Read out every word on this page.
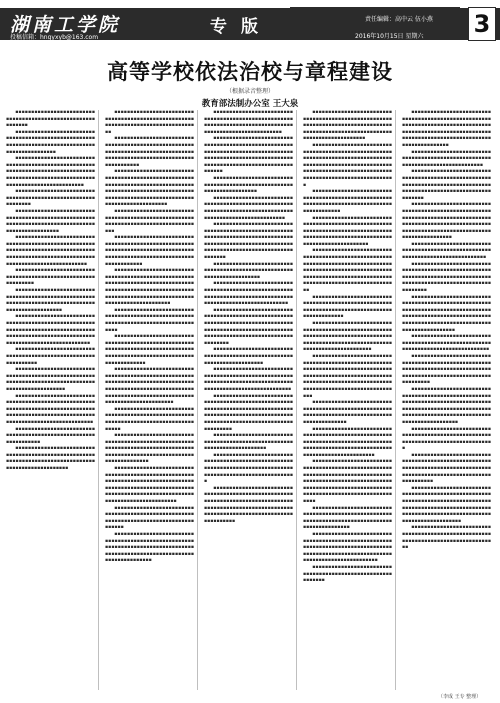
湖南工学院
投稿信箱：hngyxyb@163.com
专版	责任编辑：高中云 伍小燕
2016年10月15日 星期六 3
高等学校依法治校与章程建设
（根据录音整理）
教育部法制办公室 王大泉

▪▪▪▪▪▪▪▪▪▪▪▪▪▪▪▪▪▪▪▪▪▪▪▪▪▪▪▪▪▪▪▪▪▪▪▪▪▪▪▪▪▪▪▪▪▪▪▪▪▪▪▪▪▪▪▪▪▪▪▪

▪▪▪▪▪▪▪▪▪▪▪▪▪▪▪▪▪▪▪▪▪▪▪▪▪▪▪▪▪▪▪▪▪▪▪▪▪▪▪▪▪▪▪▪▪▪▪▪▪▪▪▪▪▪▪▪▪▪▪▪▪▪▪▪▪▪▪▪▪▪▪▪▪▪▪▪▪▪▪▪▪▪▪▪▪▪▪▪▪▪▪▪▪▪▪▪▪

▪▪▪▪▪▪▪▪▪▪▪▪▪▪▪▪▪▪▪▪▪▪▪▪▪▪▪▪▪▪▪▪▪▪▪▪▪▪▪▪▪▪▪▪▪▪▪▪▪▪▪▪▪▪▪▪▪▪▪▪▪▪▪▪▪▪▪▪▪▪▪▪▪▪▪▪▪▪▪▪▪▪▪▪▪▪▪▪▪▪▪▪▪▪▪▪▪▪▪▪▪▪▪▪▪▪▪▪▪▪▪▪▪▪▪▪▪▪▪▪▪▪▪▪▪▪▪▪▪▪▪▪▪▪

▪▪▪▪▪▪▪▪▪▪▪▪▪▪▪▪▪▪▪▪▪▪▪▪▪▪▪▪▪▪▪▪▪▪▪▪▪▪▪▪▪▪▪▪▪▪▪▪▪▪▪▪▪▪▪▪▪▪▪▪▪

▪▪▪▪▪▪▪▪▪▪▪▪▪▪▪▪▪▪▪▪▪▪▪▪▪▪▪▪▪▪▪▪▪▪▪▪▪▪▪▪▪▪▪▪▪▪▪▪▪▪▪▪▪▪▪▪▪▪▪▪▪▪▪▪▪▪▪▪▪▪▪▪▪▪▪▪▪▪▪▪▪▪▪▪▪▪▪▪▪▪▪▪▪▪▪▪▪▪

▪▪▪▪▪▪▪▪▪▪▪▪▪▪▪▪▪▪▪▪▪▪▪▪▪▪▪▪▪▪▪▪▪▪▪▪▪▪▪▪▪▪▪▪▪▪▪▪▪▪▪▪▪▪▪▪▪▪▪▪▪▪▪▪▪▪▪▪▪▪▪▪▪▪▪▪▪▪▪▪▪▪▪▪▪▪▪▪▪▪▪▪▪▪▪▪▪▪▪▪▪▪▪▪▪▪▪▪▪▪▪▪▪▪▪▪▪▪▪▪▪▪▪▪▪▪▪▪▪▪▪▪▪▪▪

▪▪▪▪▪▪▪▪▪▪▪▪▪▪▪▪▪▪▪▪▪▪▪▪▪▪▪▪▪▪▪▪▪▪▪▪▪▪▪▪▪▪▪▪▪▪▪▪▪▪▪▪▪▪▪▪▪▪▪▪▪▪

▪▪▪▪▪▪▪▪▪▪▪▪▪▪▪▪▪▪▪▪▪▪▪▪▪▪▪▪▪▪▪▪▪▪▪▪▪▪▪▪▪▪▪▪▪▪▪▪▪▪▪▪▪▪▪▪▪▪▪▪▪▪▪▪▪▪▪▪▪▪▪▪▪▪▪▪▪▪▪▪▪▪▪▪▪▪▪▪▪▪▪▪▪▪▪▪▪▪▪

▪▪▪▪▪▪▪▪▪▪▪▪▪▪▪▪▪▪▪▪▪▪▪▪▪▪▪▪▪▪▪▪▪▪▪▪▪▪▪▪▪▪▪▪▪▪▪▪▪▪▪▪▪▪▪▪▪▪▪▪▪▪▪▪▪▪▪▪▪▪▪▪▪▪▪▪▪▪▪▪▪▪▪▪▪▪▪▪▪▪▪▪▪▪▪▪▪▪▪▪▪▪▪▪▪▪▪▪▪▪▪▪▪▪▪▪▪▪▪▪▪▪▪▪▪▪▪▪▪▪▪▪▪▪▪▪

▪▪▪▪▪▪▪▪▪▪▪▪▪▪▪▪▪▪▪▪▪▪▪▪▪▪▪▪▪▪▪▪▪▪▪▪▪▪▪▪▪▪▪▪▪▪▪▪▪▪▪▪▪▪▪▪▪▪▪▪▪▪▪

▪▪▪▪▪▪▪▪▪▪▪▪▪▪▪▪▪▪▪▪▪▪▪▪▪▪▪▪▪▪▪▪▪▪▪▪▪▪▪▪▪▪▪▪▪▪▪▪▪▪▪▪▪▪▪▪▪▪▪▪▪▪▪▪▪▪▪▪▪▪▪▪▪▪▪▪▪▪▪▪▪▪▪▪▪▪▪▪▪▪▪▪▪▪▪▪▪▪▪▪

▪▪▪▪▪▪▪▪▪▪▪▪▪▪▪▪▪▪▪▪▪▪▪▪▪▪▪▪▪▪▪▪▪▪▪▪▪▪▪▪▪▪▪▪▪▪▪▪▪▪▪▪▪▪▪▪▪▪▪▪▪▪▪▪▪▪▪▪▪▪▪▪▪▪▪▪▪▪▪▪▪▪▪▪▪▪▪▪▪▪▪▪▪▪▪▪▪▪▪▪▪▪▪▪▪▪▪▪▪▪▪▪▪▪▪▪▪▪▪▪▪▪▪▪▪▪▪▪▪▪▪▪▪▪▪▪▪

▪▪▪▪▪▪▪▪▪▪▪▪▪▪▪▪▪▪▪▪▪▪▪▪▪▪▪▪▪▪▪▪▪▪▪▪▪▪▪▪▪▪▪▪▪▪▪▪▪▪▪▪▪▪▪▪▪▪▪▪▪▪▪▪

▪▪▪▪▪▪▪▪▪▪▪▪▪▪▪▪▪▪▪▪▪▪▪▪▪▪▪▪▪▪▪▪▪▪▪▪▪▪▪▪▪▪▪▪▪▪▪▪▪▪▪▪▪▪▪▪▪▪▪▪▪▪▪▪▪▪▪▪▪▪▪▪▪▪▪▪▪▪▪▪▪▪▪▪▪▪▪▪▪▪▪▪▪▪▪▪▪▪▪▪▪

▪▪▪▪▪▪▪▪▪▪▪▪▪▪▪▪▪▪▪▪▪▪▪▪▪▪▪▪▪▪▪▪▪▪▪▪▪▪▪▪▪▪▪▪▪▪▪▪▪▪▪▪▪▪▪▪▪▪▪▪▪▪▪▪▪▪▪▪▪▪▪▪▪▪▪▪▪▪▪▪▪▪▪

▪▪▪▪▪▪▪▪▪▪▪▪▪▪▪▪▪▪▪▪▪▪▪▪▪▪▪▪▪▪▪▪▪▪▪▪▪▪▪▪▪▪▪▪▪▪▪▪▪▪▪▪▪▪▪▪▪▪▪▪▪▪▪▪▪▪▪▪▪▪▪▪▪▪▪▪▪▪▪▪▪▪▪▪▪▪▪▪▪▪▪▪▪▪▪▪▪▪▪▪▪▪▪▪▪▪▪▪▪▪▪▪▪▪▪▪▪▪▪▪

▪▪▪▪▪▪▪▪▪▪▪▪▪▪▪▪▪▪▪▪▪▪▪▪▪▪▪▪▪▪▪▪▪▪▪▪▪▪▪▪▪▪▪▪▪▪▪▪▪▪▪▪▪▪▪▪▪▪▪▪▪▪▪▪▪▪▪▪▪▪▪▪▪▪▪▪▪▪▪▪▪▪▪▪▪▪▪▪▪▪▪▪▪▪▪▪▪▪▪▪▪▪▪▪▪▪▪▪▪▪▪▪▪▪▪▪▪▪▪▪▪▪▪▪▪▪▪▪▪▪▪▪▪▪▪▪▪▪▪▪▪▪▪▪▪▪▪▪▪▪▪▪▪▪▪▪▪

▪▪▪▪▪▪▪▪▪▪▪▪▪▪▪▪▪▪▪▪▪▪▪▪▪▪▪▪▪▪▪▪▪▪▪▪▪▪▪▪▪▪▪▪▪▪▪▪▪▪▪▪▪▪▪▪▪▪▪▪▪▪▪▪▪▪▪▪▪▪▪▪▪▪▪▪▪▪▪▪▪▪▪▪

▪▪▪▪▪▪▪▪▪▪▪▪▪▪▪▪▪▪▪▪▪▪▪▪▪▪▪▪▪▪▪▪▪▪▪▪▪▪▪▪▪▪▪▪▪▪▪▪▪▪▪▪▪▪▪▪▪▪▪▪▪▪▪▪▪▪▪▪▪▪▪▪▪▪▪▪▪▪▪▪▪▪▪▪▪▪▪▪▪▪▪▪▪▪▪▪▪▪▪▪▪▪▪▪▪▪▪▪▪▪▪▪▪▪▪▪▪▪▪▪▪

▪▪▪▪▪▪▪▪▪▪▪▪▪▪▪▪▪▪▪▪▪▪▪▪▪▪▪▪▪▪▪▪▪▪▪▪▪▪▪▪▪▪▪▪▪▪▪▪▪▪▪▪▪▪▪▪▪▪▪▪▪▪▪▪▪▪▪▪▪▪▪▪▪▪▪▪▪▪▪▪▪▪▪▪▪▪▪▪▪▪▪▪▪▪▪▪▪▪▪▪▪▪▪▪▪▪▪▪▪▪▪▪▪▪▪▪▪▪▪▪▪▪▪▪▪▪▪▪▪▪▪▪▪▪▪▪▪▪▪▪▪▪▪▪▪▪▪▪▪▪▪▪▪▪▪▪▪▪

▪▪▪▪▪▪▪▪▪▪▪▪▪▪▪▪▪▪▪▪▪▪▪▪▪▪▪▪▪▪▪▪▪▪▪▪▪▪▪▪▪▪▪▪▪▪▪▪▪▪▪▪▪▪▪▪▪▪▪▪▪▪▪▪▪▪▪▪▪▪▪▪▪▪▪▪▪▪▪▪▪▪▪▪▪

▪▪▪▪▪▪▪▪▪▪▪▪▪▪▪▪▪▪▪▪▪▪▪▪▪▪▪▪▪▪▪▪▪▪▪▪▪▪▪▪▪▪▪▪▪▪▪▪▪▪▪▪▪▪▪▪▪▪▪▪▪▪▪▪▪▪▪▪▪▪▪▪▪▪▪▪▪▪▪▪▪▪▪▪▪▪▪▪▪▪▪▪▪▪▪▪▪▪▪▪▪▪▪▪▪▪▪▪▪▪▪▪▪▪▪▪▪▪▪▪▪▪

▪▪▪▪▪▪▪▪▪▪▪▪▪▪▪▪▪▪▪▪▪▪▪▪▪▪▪▪▪▪▪▪▪▪▪▪▪▪▪▪▪▪▪▪▪▪▪▪▪▪▪▪▪▪▪▪▪▪▪▪▪▪▪▪▪▪▪▪▪▪▪▪▪▪▪▪▪▪▪▪▪▪▪▪▪▪▪▪▪▪▪▪▪▪▪▪▪▪▪▪▪▪▪▪▪▪▪▪▪▪▪▪▪▪▪▪▪▪▪▪▪▪▪▪▪▪▪▪▪▪▪▪▪▪▪▪▪▪▪▪▪▪▪▪▪▪▪▪▪▪▪▪▪▪▪▪▪▪▪

▪▪▪▪▪▪▪▪▪▪▪▪▪▪▪▪▪▪▪▪▪▪▪▪▪▪▪▪▪▪▪▪▪▪▪▪▪▪▪▪▪▪▪▪▪▪▪▪▪▪▪▪▪▪▪▪▪▪▪▪▪▪▪▪▪▪▪▪▪▪▪▪▪▪▪▪▪▪▪▪▪▪▪▪▪▪

▪▪▪▪▪▪▪▪▪▪▪▪▪▪▪▪▪▪▪▪▪▪▪▪▪▪▪▪▪▪▪▪▪▪▪▪▪▪▪▪▪▪▪▪▪▪▪▪▪▪▪▪▪▪▪▪▪▪▪▪▪▪▪▪▪▪▪▪▪▪▪▪▪▪▪▪▪▪▪▪▪▪▪▪▪▪▪▪▪▪▪▪▪▪▪▪▪▪▪▪▪▪▪▪▪▪▪▪▪▪▪▪▪▪▪▪▪▪▪▪▪▪▪

▪▪▪▪▪▪▪▪▪▪▪▪▪▪▪▪▪▪▪▪▪▪▪▪▪▪▪▪▪▪▪▪▪▪▪▪▪▪▪▪▪▪▪▪▪▪▪▪▪▪▪▪▪▪▪▪▪▪▪▪▪▪▪▪▪▪▪▪▪▪▪▪▪▪▪▪▪▪▪▪▪▪▪▪▪▪▪▪▪▪▪▪▪▪▪▪▪▪▪▪▪▪▪▪▪▪▪▪▪▪▪▪▪▪▪▪▪▪▪▪▪▪▪▪▪▪▪▪▪▪▪▪▪▪▪▪▪▪▪▪▪▪▪▪▪▪▪▪▪▪▪▪▪▪▪▪▪▪▪▪

▪▪▪▪▪▪▪▪▪▪▪▪▪▪▪▪▪▪▪▪▪▪▪▪▪▪▪▪▪▪▪▪▪▪▪▪▪▪▪▪▪▪▪▪▪▪▪▪▪▪▪▪▪▪▪▪▪▪▪▪▪▪▪▪▪▪▪▪▪▪▪▪▪▪▪▪▪▪▪▪▪▪▪▪▪▪▪

▪▪▪▪▪▪▪▪▪▪▪▪▪▪▪▪▪▪▪▪▪▪▪▪▪▪▪▪▪▪▪▪▪▪▪▪▪▪▪▪▪▪▪▪▪▪▪▪▪▪▪▪▪▪▪▪▪▪▪▪▪▪▪▪▪▪▪▪▪▪▪▪▪▪▪▪▪▪▪▪▪▪▪▪▪▪▪▪▪▪▪▪▪▪▪▪▪▪▪▪▪▪▪▪▪▪▪▪▪▪▪▪▪▪▪▪▪▪▪▪▪▪▪▪

▪▪▪▪▪▪▪▪▪▪▪▪▪▪▪▪▪▪▪▪▪▪▪▪▪▪▪▪▪▪▪▪▪▪▪▪▪▪▪▪▪▪▪▪▪▪▪▪▪▪▪▪▪▪▪▪▪▪▪▪▪▪▪▪▪▪▪▪▪▪▪▪▪▪▪▪▪▪▪▪▪▪▪▪▪▪▪▪▪▪▪▪▪▪▪▪▪▪▪▪▪▪▪▪▪▪

▪▪▪▪▪▪▪▪▪▪▪▪▪▪▪▪▪▪▪▪▪▪▪▪▪▪▪▪▪▪▪▪▪▪▪▪▪▪▪▪▪▪▪▪▪▪▪▪▪▪▪▪▪▪▪▪▪▪▪▪▪▪▪▪▪▪▪▪▪▪▪▪▪▪▪▪▪▪▪▪▪▪▪▪▪▪▪▪▪▪▪▪▪▪▪▪▪▪▪▪▪▪▪▪▪▪▪▪▪▪▪▪▪▪▪▪▪▪▪▪▪▪▪▪▪▪▪▪▪▪▪▪▪▪▪▪▪▪▪▪▪▪▪

▪▪▪▪▪▪▪▪▪▪▪▪▪▪▪▪▪▪▪▪▪▪▪▪▪▪▪▪▪▪▪▪▪▪▪▪▪▪▪▪▪▪▪▪▪▪▪▪▪▪▪▪▪▪▪▪▪▪▪▪▪▪▪▪▪▪▪▪▪▪

▪▪▪▪▪▪▪▪▪▪▪▪▪▪▪▪▪▪▪▪▪▪▪▪▪▪▪▪▪▪▪▪▪▪▪▪▪▪▪▪▪▪▪▪▪▪▪▪▪▪▪▪▪▪▪▪▪▪▪▪▪▪▪▪▪▪▪▪▪▪▪▪▪▪▪▪▪▪▪▪▪▪▪▪▪▪▪▪▪▪▪▪▪▪▪▪▪▪▪▪▪▪▪▪▪▪▪

▪▪▪▪▪▪▪▪▪▪▪▪▪▪▪▪▪▪▪▪▪▪▪▪▪▪▪▪▪▪▪▪▪▪▪▪▪▪▪▪▪▪▪▪▪▪▪▪▪▪▪▪▪▪▪▪▪▪▪▪▪▪▪▪▪▪▪▪▪▪▪▪▪▪▪▪▪▪▪▪▪▪▪▪▪▪▪▪▪▪▪▪▪▪▪▪▪▪▪▪▪▪▪▪▪▪▪▪▪▪▪▪▪▪▪▪▪▪▪▪▪▪▪▪▪▪▪▪▪▪▪▪▪▪▪▪▪▪▪▪▪▪▪▪

▪▪▪▪▪▪▪▪▪▪▪▪▪▪▪▪▪▪▪▪▪▪▪▪▪▪▪▪▪▪▪▪▪▪▪▪▪▪▪▪▪▪▪▪▪▪▪▪▪▪▪▪▪▪▪▪▪▪▪▪▪▪▪▪▪▪▪▪▪▪▪

▪▪▪▪▪▪▪▪▪▪▪▪▪▪▪▪▪▪▪▪▪▪▪▪▪▪▪▪▪▪▪▪▪▪▪▪▪▪▪▪▪▪▪▪▪▪▪▪▪▪▪▪▪▪▪▪▪▪▪▪▪▪▪▪▪▪▪▪▪▪▪▪▪▪▪▪▪▪▪▪▪▪▪▪▪▪▪▪▪▪▪▪▪▪▪▪▪▪▪▪▪▪▪▪▪▪▪▪

▪▪▪▪▪▪▪▪▪▪▪▪▪▪▪▪▪▪▪▪▪▪▪▪▪▪▪▪▪▪▪▪▪▪▪▪▪▪▪▪▪▪▪▪▪▪▪▪▪▪▪▪▪▪▪▪▪▪▪▪▪▪▪▪▪▪▪▪▪▪▪▪▪▪▪▪▪▪▪▪▪▪▪▪▪▪▪▪▪▪▪▪▪▪▪▪▪▪▪▪▪▪▪▪▪▪▪▪▪▪▪▪▪▪▪▪▪▪▪▪▪▪▪▪▪▪▪▪▪▪▪▪▪▪▪▪▪▪▪▪▪▪▪▪▪

▪▪▪▪▪▪▪▪▪▪▪▪▪▪▪▪▪▪▪▪▪▪▪▪▪▪▪▪▪▪▪▪▪▪▪▪▪▪▪▪▪▪▪▪▪▪▪▪▪▪▪▪▪▪▪▪▪▪▪▪▪▪▪▪▪▪▪▪▪▪▪▪

▪▪▪▪▪▪▪▪▪▪▪▪▪▪▪▪▪▪▪▪▪▪▪▪▪▪▪▪▪▪▪▪▪▪▪▪▪▪▪▪▪▪▪▪▪▪▪▪▪▪▪▪▪▪▪▪▪▪▪▪▪▪▪▪▪▪▪▪▪▪▪▪▪▪▪▪▪▪▪▪▪▪▪▪▪▪▪▪▪▪▪▪▪▪▪▪▪▪▪▪▪▪▪▪▪▪▪▪▪

▪▪▪▪▪▪▪▪▪▪▪▪▪▪▪▪▪▪▪▪▪▪▪▪▪▪▪▪▪▪▪▪▪▪▪▪▪▪▪▪▪▪▪▪▪▪▪▪▪▪▪▪▪▪▪▪▪▪▪▪▪▪▪▪▪▪▪▪▪▪▪▪▪▪▪▪▪▪▪▪▪▪▪▪▪▪▪▪▪▪▪▪▪▪▪▪▪▪▪▪▪▪▪▪▪▪▪▪▪▪▪▪▪▪▪▪▪▪▪▪▪▪▪▪▪▪▪▪▪▪▪▪▪▪▪▪▪▪▪▪▪▪▪▪▪▪

▪▪▪▪▪▪▪▪▪▪▪▪▪▪▪▪▪▪▪▪▪▪▪▪▪▪▪▪▪▪▪▪▪▪▪▪▪▪▪▪▪▪▪▪▪▪▪▪▪▪▪▪▪▪▪▪▪▪▪▪▪▪▪▪▪▪▪▪▪▪▪▪▪

▪▪▪▪▪▪▪▪▪▪▪▪▪▪▪▪▪▪▪▪▪▪▪▪▪▪▪▪▪▪▪▪▪▪▪▪▪▪▪▪▪▪▪▪▪▪▪▪▪▪▪▪▪▪▪▪▪▪▪▪▪▪▪▪▪▪▪▪▪▪▪▪▪▪▪▪▪▪▪▪▪▪▪▪▪▪▪▪▪▪▪▪▪▪▪▪▪▪▪▪▪▪▪▪▪▪▪▪▪▪

▪▪▪▪▪▪▪▪▪▪▪▪▪▪▪▪▪▪▪▪▪▪▪▪▪▪▪▪▪▪▪▪▪▪▪▪▪▪▪▪▪▪▪▪▪▪▪▪▪▪▪▪▪▪▪▪▪▪▪▪▪▪▪▪▪▪▪▪▪▪▪▪▪▪▪▪▪▪▪▪▪▪▪▪▪▪▪▪▪▪▪▪▪▪▪▪▪▪▪▪▪▪▪▪▪▪▪▪▪▪▪▪▪▪▪▪▪▪▪▪▪▪▪▪▪▪▪▪▪▪▪▪▪▪▪▪▪▪▪▪▪▪▪▪▪▪▪

▪▪▪▪▪▪▪▪▪▪▪▪▪▪▪▪▪▪▪▪▪▪▪▪▪▪▪▪▪▪▪▪▪▪▪▪▪▪▪▪▪▪▪▪▪▪▪▪▪▪▪▪▪▪▪▪▪▪▪▪▪▪▪▪▪▪▪▪▪▪▪▪▪▪▪▪▪▪▪▪▪▪▪▪▪▪▪▪▪▪▪▪▪▪▪▪▪▪▪▪▪▪▪▪▪▪▪▪▪▪▪▪▪▪▪▪▪▪▪▪▪▪▪▪▪▪▪▪▪

▪▪▪▪▪▪▪▪▪▪▪▪▪▪▪▪▪▪▪▪▪▪▪▪▪▪▪▪▪▪▪▪▪▪▪▪▪▪▪▪▪▪▪▪▪▪▪▪▪▪▪▪▪▪▪▪▪▪▪▪▪▪▪▪▪▪▪▪▪▪▪▪▪▪▪▪▪▪▪▪▪▪▪▪▪▪▪▪▪▪▪▪▪▪▪▪▪▪▪▪▪▪▪▪▪▪▪▪▪▪▪▪▪▪▪▪▪▪▪▪▪▪▪▪▪▪▪▪▪▪▪▪▪▪▪▪▪▪▪▪▪▪▪▪▪▪▪▪▪▪▪▪▪▪▪▪▪▪▪▪▪▪▪▪▪▪

▪▪▪▪▪▪▪▪▪▪▪▪▪▪▪▪▪▪▪▪▪▪▪▪▪▪▪▪▪▪▪▪▪▪▪▪▪▪▪▪▪▪▪▪▪▪▪▪▪▪▪▪▪▪▪▪▪▪▪▪▪▪▪▪▪▪▪▪▪▪▪▪▪▪▪▪▪▪▪▪▪▪▪▪▪▪▪▪▪▪▪▪▪

▪▪▪▪▪▪▪▪▪▪▪▪▪▪▪▪▪▪▪▪▪▪▪▪▪▪▪▪▪▪▪▪▪▪▪▪▪▪▪▪▪▪▪▪▪▪▪▪▪▪▪▪▪▪▪▪▪▪▪▪▪▪▪▪▪▪▪▪▪▪▪▪▪▪▪▪▪▪▪▪▪▪▪▪▪▪▪▪▪▪▪▪▪▪▪▪▪▪▪▪▪▪▪▪▪▪▪▪▪▪▪▪▪▪▪▪▪▪▪▪▪▪▪▪▪▪▪▪▪▪

▪▪▪▪▪▪▪▪▪▪▪▪▪▪▪▪▪▪▪▪▪▪▪▪▪▪▪▪▪▪▪▪▪▪▪▪▪▪▪▪▪▪▪▪▪▪▪▪▪▪▪▪▪▪▪▪▪▪▪▪▪▪▪▪▪▪▪▪▪▪▪▪▪▪▪▪▪▪▪▪▪▪▪▪▪▪▪▪▪▪▪▪▪▪▪▪▪▪▪▪▪▪▪▪▪▪▪▪▪▪▪▪▪▪▪▪▪▪▪▪▪▪▪▪▪▪▪▪▪▪▪▪▪▪▪▪▪▪▪▪▪▪▪▪▪▪▪▪▪▪▪▪▪▪▪▪▪▪▪▪▪▪▪▪▪▪▪

▪▪▪▪▪▪▪▪▪▪▪▪▪▪▪▪▪▪▪▪▪▪▪▪▪▪▪▪▪▪▪▪▪▪▪▪▪▪▪▪▪▪▪▪▪▪▪▪▪▪▪▪▪▪▪▪▪▪▪▪▪▪▪▪▪▪▪▪▪▪▪▪▪▪▪▪▪▪▪▪▪▪▪▪▪▪▪▪▪▪▪▪▪▪

▪▪▪▪▪▪▪▪▪▪▪▪▪▪▪▪▪▪▪▪▪▪▪▪▪▪▪▪▪▪▪▪▪▪▪▪▪▪▪▪▪▪▪▪▪▪▪▪▪▪▪▪▪▪▪▪▪▪▪▪▪▪▪▪▪▪▪▪▪▪▪▪▪▪▪▪▪▪▪▪▪▪▪▪▪▪▪▪▪▪▪▪▪▪▪▪▪▪▪▪▪▪▪▪▪▪▪▪▪▪▪▪▪▪▪▪▪▪▪▪▪▪▪▪▪▪▪▪▪▪▪

▪▪▪▪▪▪▪▪▪▪▪▪▪▪▪▪▪▪▪▪▪▪▪▪▪▪▪▪▪▪▪▪▪▪▪▪▪▪▪▪▪▪▪▪▪▪▪▪▪▪▪▪▪▪▪▪▪▪▪▪▪▪▪▪▪▪▪▪▪▪▪▪▪▪▪▪▪▪▪▪▪▪▪▪▪▪▪▪▪▪▪▪▪▪▪▪▪▪▪▪▪▪▪▪▪▪▪▪▪▪▪▪▪▪▪▪▪▪▪▪▪▪▪▪▪▪▪▪▪▪▪▪▪▪▪▪▪▪▪▪▪▪▪▪▪▪▪▪▪▪▪▪▪▪▪▪▪▪▪▪▪▪▪▪▪▪▪▪

▪▪▪▪▪▪▪▪▪▪▪▪▪▪▪▪▪▪▪▪▪▪▪▪▪▪▪▪▪▪▪▪▪▪▪▪▪▪▪▪▪▪▪▪▪▪▪▪▪▪▪▪▪▪▪▪▪▪▪▪▪▪▪▪▪▪▪▪▪▪▪▪▪▪▪▪▪▪▪▪▪▪▪▪▪▪▪▪▪▪▪▪▪▪▪

▪▪▪▪▪▪▪▪▪▪▪▪▪▪▪▪▪▪▪▪▪▪▪▪▪▪▪▪▪▪▪▪▪▪▪▪▪▪▪▪▪▪▪▪▪▪▪▪▪▪▪▪▪▪▪▪▪▪▪▪▪▪▪▪▪▪▪▪▪▪▪▪▪▪▪▪▪▪▪▪▪▪▪▪▪▪▪▪▪▪▪▪▪▪▪▪▪▪▪▪▪▪▪▪▪▪▪▪▪▪▪▪▪▪▪▪▪▪▪▪▪▪▪▪▪▪▪▪▪▪▪▪

▪▪▪▪▪▪▪▪▪▪▪▪▪▪▪▪▪▪▪▪▪▪▪▪▪▪▪▪▪▪▪▪▪▪▪▪▪▪▪▪▪▪▪▪▪▪▪▪▪▪▪▪▪▪▪▪▪▪▪▪▪▪▪▪▪▪▪▪▪▪▪▪▪▪▪▪▪▪▪▪▪▪▪▪▪▪▪▪▪▪▪▪▪▪▪▪▪▪▪▪▪▪▪▪▪▪▪▪▪▪▪▪▪▪▪▪▪▪▪▪▪▪▪▪▪▪▪▪▪▪▪▪▪▪▪▪▪▪▪▪▪▪▪▪▪▪▪▪▪▪▪▪▪▪▪▪▪▪▪▪▪▪▪▪▪▪▪▪▪

▪▪▪▪▪▪▪▪▪▪▪▪▪▪▪▪▪▪▪▪▪▪▪▪▪▪▪▪▪▪▪▪▪▪▪▪▪▪▪▪▪▪▪▪▪▪▪▪▪▪▪▪▪▪▪▪▪▪▪▪▪▪▪▪▪▪▪▪▪▪▪▪▪▪▪▪▪▪▪▪▪▪▪▪▪▪▪▪▪▪▪▪▪▪▪▪

▪▪▪▪▪▪▪▪▪▪▪▪▪▪▪▪▪▪▪▪▪▪▪▪▪▪▪▪▪▪▪▪▪▪▪▪▪▪▪▪▪▪▪▪▪▪▪▪▪▪▪▪▪▪▪▪▪▪▪▪▪▪▪▪▪▪▪▪▪▪▪▪▪▪▪▪▪▪▪▪▪▪▪▪▪▪▪▪▪▪▪▪▪▪▪▪▪▪▪▪▪▪▪▪▪▪▪▪▪▪▪▪▪▪▪▪▪▪▪▪▪▪▪▪▪▪▪▪▪▪▪▪▪

▪▪▪▪▪▪▪▪▪▪▪▪▪▪▪▪▪▪▪▪▪▪▪▪▪▪▪▪▪▪▪▪▪▪▪▪▪▪▪▪▪▪▪▪▪▪▪▪▪▪▪▪▪▪▪▪▪▪▪▪

▪▪▪▪▪▪▪▪▪▪▪▪▪▪▪▪▪▪▪▪▪▪▪▪▪▪▪▪▪▪▪▪▪▪▪▪▪▪▪▪▪▪▪▪▪▪▪▪▪▪▪▪▪▪▪▪▪▪▪▪▪▪▪▪▪▪▪▪▪▪▪▪▪▪▪▪▪▪▪▪▪▪▪▪▪▪▪▪▪▪▪▪▪▪▪▪▪▪▪▪▪▪▪▪▪▪▪▪▪▪▪▪▪▪▪▪▪▪▪▪▪▪▪▪▪▪▪▪▪▪▪▪▪▪▪▪▪▪▪▪▪▪▪▪▪▪▪▪▪▪▪▪

▪▪▪▪▪▪▪▪▪▪▪▪▪▪▪▪▪▪▪▪▪▪▪▪▪▪▪▪▪▪▪▪▪▪▪▪▪▪▪▪▪▪▪▪▪▪▪▪▪▪▪▪▪▪▪▪▪▪▪▪▪▪▪▪▪▪▪▪▪▪▪▪▪▪▪▪▪▪▪

▪▪▪▪▪▪▪▪▪▪▪▪▪▪▪▪▪▪▪▪▪▪▪▪▪▪▪▪▪▪▪▪▪▪▪▪▪▪▪▪▪▪▪▪▪▪▪▪▪▪▪▪▪▪▪▪▪▪▪▪▪▪▪▪▪▪▪▪▪▪▪▪▪▪▪▪▪▪▪▪▪▪▪▪▪▪▪▪▪▪▪▪▪▪▪▪▪▪▪▪▪▪▪▪▪▪▪▪▪▪▪▪▪▪▪▪

▪▪▪▪▪▪▪▪▪▪▪▪▪▪▪▪▪▪▪▪▪▪▪▪▪▪▪▪▪▪▪▪▪▪▪▪▪▪▪▪▪▪▪▪▪▪▪▪▪▪▪▪▪▪▪▪▪▪▪▪▪▪▪▪▪▪▪▪▪▪▪▪▪▪▪▪▪▪▪▪▪▪▪▪▪▪▪▪▪▪▪▪▪▪▪▪▪▪▪▪▪▪▪▪▪▪▪▪▪▪▪▪▪▪▪▪▪▪▪▪▪▪▪▪▪▪▪▪▪▪▪▪▪▪▪▪▪▪▪▪▪▪▪▪▪▪▪▪▪▪▪▪▪

▪▪▪▪▪▪▪▪▪▪▪▪▪▪▪▪▪▪▪▪▪▪▪▪▪▪▪▪▪▪▪▪▪▪▪▪▪▪▪▪▪▪▪▪▪▪▪▪▪▪▪▪▪▪▪▪▪▪▪▪▪▪▪▪▪▪▪▪▪▪▪▪▪▪▪▪▪▪▪▪

▪▪▪▪▪▪▪▪▪▪▪▪▪▪▪▪▪▪▪▪▪▪▪▪▪▪▪▪▪▪▪▪▪▪▪▪▪▪▪▪▪▪▪▪▪▪▪▪▪▪▪▪▪▪▪▪▪▪▪▪▪▪▪▪▪▪▪▪▪▪▪▪▪▪▪▪▪▪▪▪▪▪▪▪▪▪▪▪▪▪▪▪▪▪▪▪▪▪▪▪▪▪▪▪▪▪▪▪▪▪▪▪▪▪▪▪▪

▪▪▪▪▪▪▪▪▪▪▪▪▪▪▪▪▪▪▪▪▪▪▪▪▪▪▪▪▪▪▪▪▪▪▪▪▪▪▪▪▪▪▪▪▪▪▪▪▪▪▪▪▪▪▪▪▪▪▪▪▪▪▪▪▪▪▪▪▪▪▪▪▪▪▪▪▪▪▪▪▪▪▪▪▪▪▪▪▪▪▪▪▪▪▪▪▪▪▪▪▪▪▪▪▪▪▪▪▪▪▪▪▪▪▪▪▪▪▪▪▪▪▪▪▪▪▪▪▪▪▪▪▪▪▪▪▪▪▪▪▪▪▪▪▪▪▪▪▪▪▪▪▪▪

▪▪▪▪▪▪▪▪▪▪▪▪▪▪▪▪▪▪▪▪▪▪▪▪▪▪▪▪▪▪▪▪▪▪▪▪▪▪▪▪▪▪▪▪▪▪▪▪▪▪▪▪▪▪▪▪▪▪▪▪▪▪▪▪▪▪▪▪▪▪▪▪▪▪▪▪▪▪▪▪▪

▪▪▪▪▪▪▪▪▪▪▪▪▪▪▪▪▪▪▪▪▪▪▪▪▪▪▪▪▪▪▪▪▪▪▪▪▪▪▪▪▪▪▪▪▪▪▪▪▪▪▪▪▪▪▪▪▪▪▪▪▪▪▪▪▪▪▪▪▪▪▪▪▪▪▪▪▪▪▪▪▪▪▪▪▪▪▪▪▪▪▪▪▪▪▪▪▪▪▪▪▪▪▪▪▪▪▪▪▪▪▪▪▪▪▪▪▪▪

▪▪▪▪▪▪▪▪▪▪▪▪▪▪▪▪▪▪▪▪▪▪▪▪▪▪▪▪▪▪▪▪▪▪▪▪▪▪▪▪▪▪▪▪▪▪▪▪▪▪▪▪▪▪▪▪▪▪▪▪▪▪▪▪▪▪▪▪▪▪▪▪▪▪▪▪▪▪▪▪▪▪▪▪▪▪▪▪▪▪▪▪▪▪▪▪▪▪▪▪▪▪▪▪▪▪▪▪▪▪▪▪▪▪▪▪▪▪▪▪▪▪▪▪▪▪▪▪▪▪▪▪▪▪▪▪▪▪▪▪▪▪▪▪▪▪▪▪▪▪▪▪▪▪▪

▪▪▪▪▪▪▪▪▪▪▪▪▪▪▪▪▪▪▪▪▪▪▪▪▪▪▪▪▪▪▪▪▪▪▪▪▪▪▪▪▪▪▪▪▪▪▪▪▪▪▪▪▪▪▪▪▪▪▪▪▪▪▪▪▪▪▪▪▪▪▪▪▪▪▪▪▪▪▪▪▪▪

▪▪▪▪▪▪▪▪▪▪▪▪▪▪▪▪▪▪▪▪▪▪▪▪▪▪▪▪▪▪▪▪▪▪▪▪▪▪▪▪▪▪▪▪▪▪▪▪▪▪▪▪▪▪▪▪▪▪▪▪▪▪▪▪▪▪▪▪▪▪▪▪▪▪▪▪▪▪▪▪▪▪▪▪▪▪▪▪▪▪▪▪▪▪▪▪▪▪▪▪▪▪▪▪▪▪▪▪▪▪▪▪▪▪▪▪▪▪▪

▪▪▪▪▪▪▪▪▪▪▪▪▪▪▪▪▪▪▪▪▪▪▪▪▪▪▪▪▪▪▪▪▪▪▪▪▪▪▪▪▪▪▪▪▪▪▪▪▪▪▪▪▪▪▪▪▪▪▪▪▪▪▪▪▪▪▪▪▪▪▪▪▪▪▪▪▪▪▪▪▪▪▪▪▪▪▪▪▪▪▪▪▪▪▪▪▪▪▪▪▪▪▪▪▪▪▪▪▪▪▪▪▪▪▪▪▪▪▪▪▪▪▪▪▪▪▪▪▪▪▪▪▪▪▪▪▪▪▪▪▪▪▪▪▪▪▪▪▪▪▪▪▪▪▪▪

▪▪▪▪▪▪▪▪▪▪▪▪▪▪▪▪▪▪▪▪▪▪▪▪▪▪▪▪▪▪▪▪▪▪▪▪▪▪▪▪▪▪▪▪▪▪▪▪▪▪▪▪▪▪▪▪▪▪▪▪▪▪▪▪▪▪▪▪▪▪▪▪▪▪▪▪▪▪▪▪▪▪▪

（李成 王专 整理）
